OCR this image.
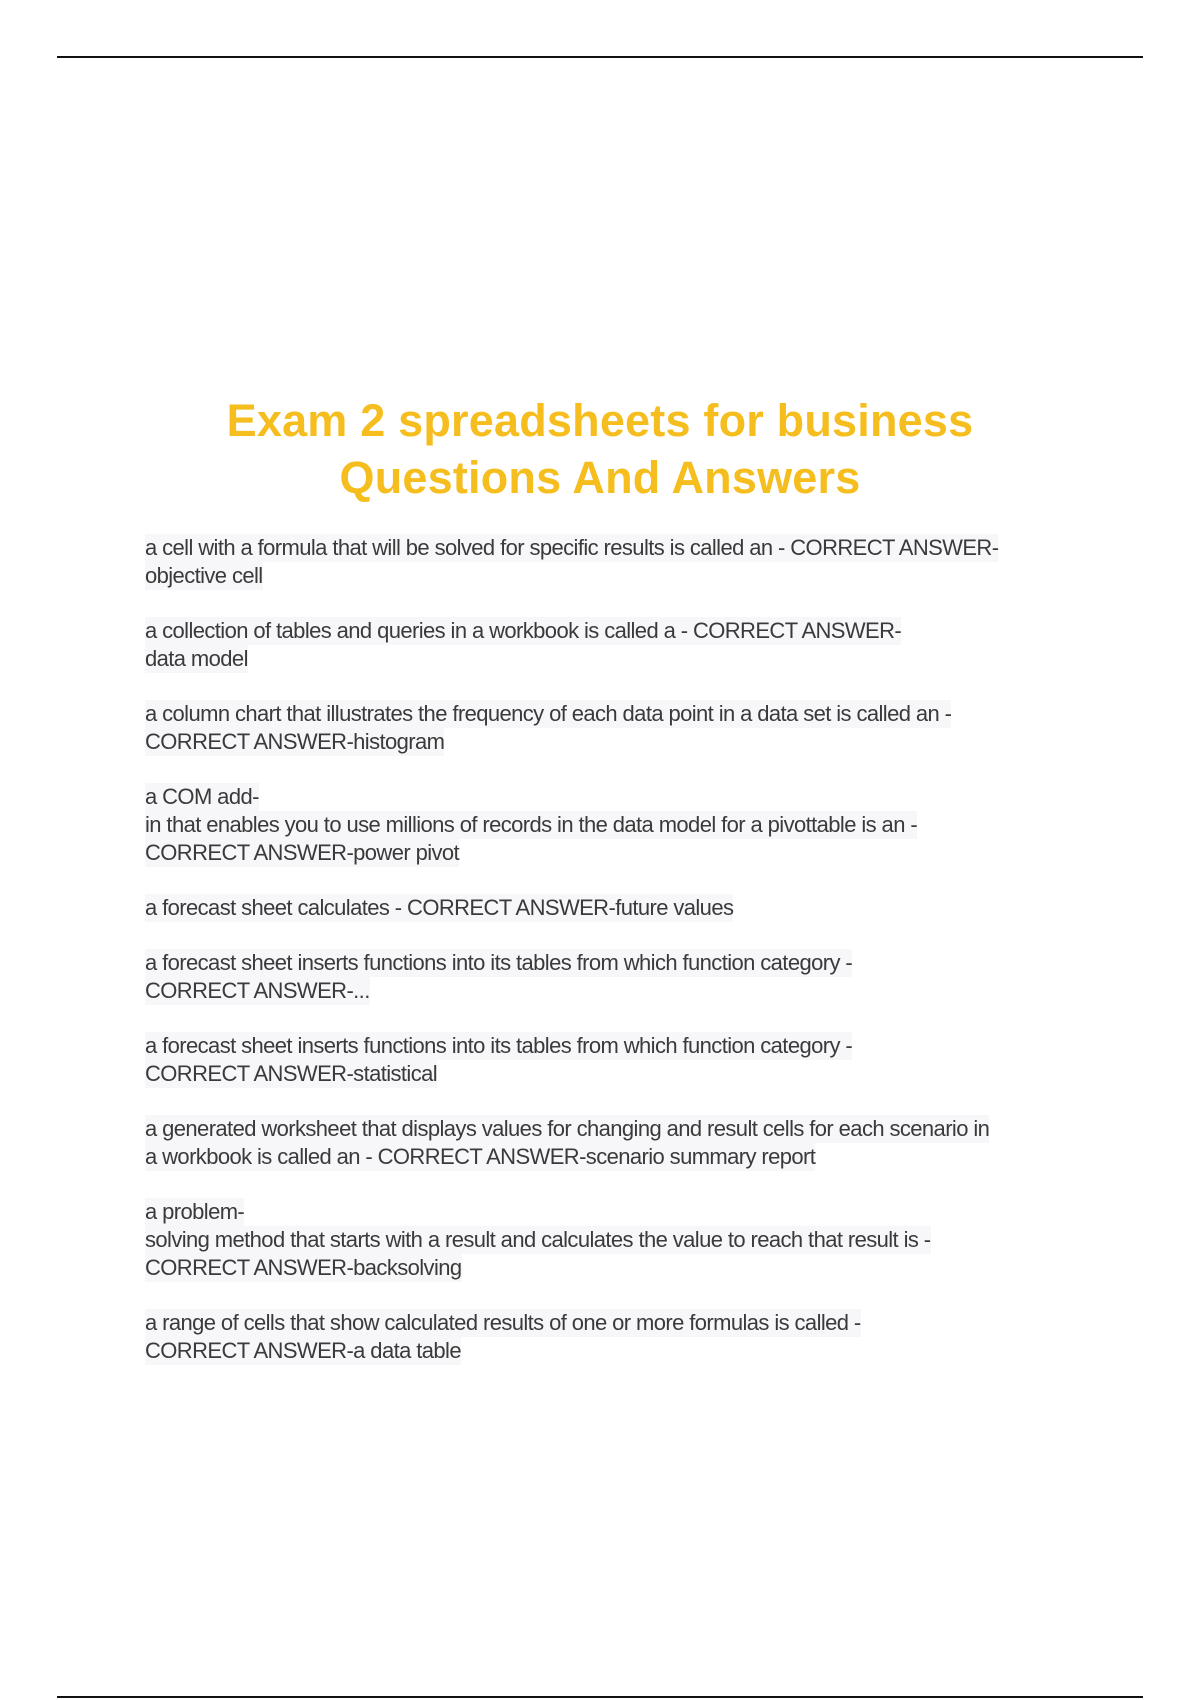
Exam 2 spreadsheets for business
Questions And Answers
a cell with a formula that will be solved for specific results is called an - CORRECT ANSWER-
objective cell
a collection of tables and queries in a workbook is called a - CORRECT ANSWER-
data model
a column chart that illustrates the frequency of each data point in a data set is called an -
CORRECT ANSWER-histogram
a COM add-
in that enables you to use millions of records in the data model for a pivottable is an -
CORRECT ANSWER-power pivot
a forecast sheet calculates - CORRECT ANSWER-future values
a forecast sheet inserts functions into its tables from which function category -
CORRECT ANSWER-...
a forecast sheet inserts functions into its tables from which function category -
CORRECT ANSWER-statistical
a generated worksheet that displays values for changing and result cells for each scenario in
a workbook is called an - CORRECT ANSWER-scenario summary report
a problem-
solving method that starts with a result and calculates the value to reach that result is -
CORRECT ANSWER-backsolving
a range of cells that show calculated results of one or more formulas is called -
CORRECT ANSWER-a data table
